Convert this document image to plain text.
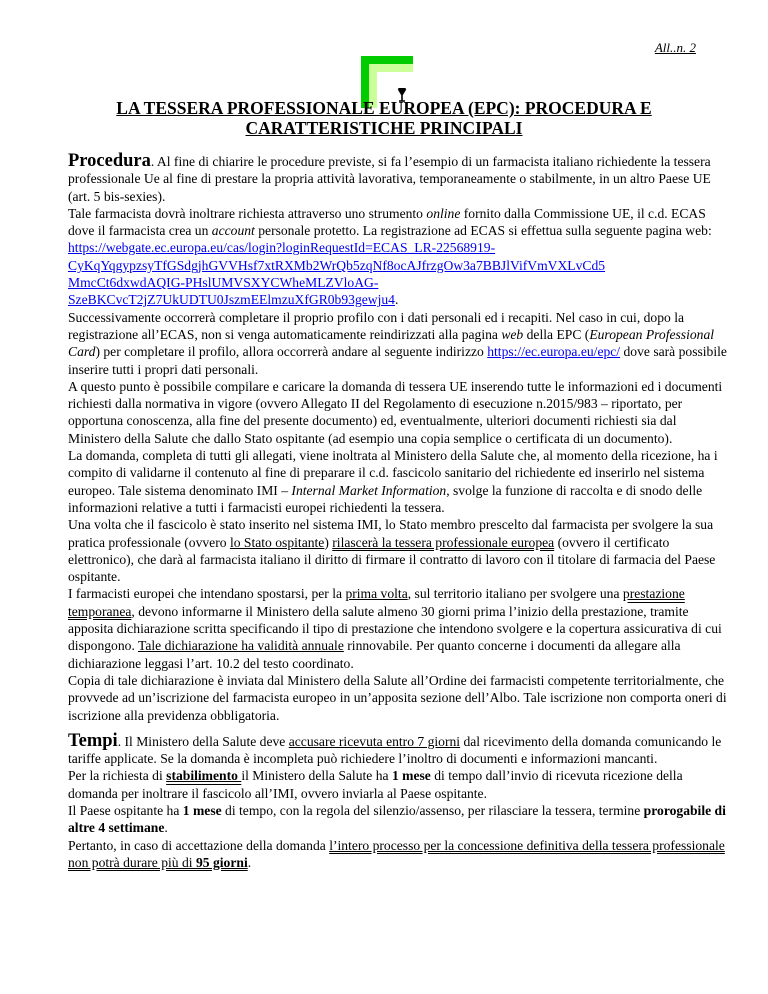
All..n. 2
LA TESSERA PROFESSIONALE EUROPEA (EPC): PROCEDURA E
CARATTERISTICHE PRINCIPALI

Procedura. Al fine di chiarire le procedure previste, si fa l’esempio di un farmacista italiano richiedente la tessera professionale Ue al fine di prestare la propria attività lavorativa, temporaneamente o stabilmente, in un altro Paese UE (art. 5 bis-sexies).

Tale farmacista dovrà inoltrare richiesta attraverso uno strumento online fornito dalla Commissione UE, il c.d. ECAS dove il farmacista crea un account personale protetto. La registrazione ad ECAS si effettua sulla seguente pagina web:
https://webgate.ec.europa.eu/cas/login?loginRequestId=ECAS_LR-22568919-
CyKqYqgypzsyTfGSdgjhGVVHsf7xtRXMb2WrQb5zqNf8ocAJfrzgOw3a7BBJlVifVmVXLvCd5
MmcCt6dxwdAQIG-PHslUMVSXYCWheMLZVloAG-
SzeBKCvcT2jZ7UkUDTU0JszmEElmzuXfGR0b93gewju4.

Successivamente occorrerà completare il proprio profilo con i dati personali ed i recapiti. Nel caso in cui, dopo la registrazione all’ECAS, non si venga automaticamente reindirizzati alla pagina web della EPC (European Professional Card) per completare il profilo, allora occorrerà andare al seguente indirizzo https://ec.europa.eu/epc/ dove sarà possibile inserire tutti i propri dati personali.

A questo punto è possibile compilare e caricare la domanda di tessera UE inserendo tutte le informazioni ed i documenti richiesti dalla normativa in vigore (ovvero Allegato II del Regolamento di esecuzione n.2015/983 – riportato, per opportuna conoscenza, alla fine del presente documento) ed, eventualmente, ulteriori documenti richiesti sia dal Ministero della Salute che dallo Stato ospitante (ad esempio una copia semplice o certificata di un documento).

La domanda, completa di tutti gli allegati, viene inoltrata al Ministero della Salute che, al momento della ricezione, ha i compito di validarne il contenuto al fine di preparare il c.d. fascicolo sanitario del richiedente ed inserirlo nel sistema europeo. Tale sistema denominato IMI – Internal Market Information, svolge la funzione di raccolta e di snodo delle informazioni relative a tutti i farmacisti europei richiedenti la tessera.

Una volta che il fascicolo è stato inserito nel sistema IMI, lo Stato membro prescelto dal farmacista per svolgere la sua pratica professionale (ovvero lo Stato ospitante) rilascerà la tessera professionale europea (ovvero il certificato elettronico), che darà al farmacista italiano il diritto di firmare il contratto di lavoro con il titolare di farmacia del Paese ospitante.

I farmacisti europei che intendano spostarsi, per la prima volta, sul territorio italiano per svolgere una prestazione temporanea, devono informarne il Ministero della salute almeno 30 giorni prima l’inizio della prestazione, tramite apposita dichiarazione scritta specificando il tipo di prestazione che intendono svolgere e la copertura assicurativa di cui dispongono. Tale dichiarazione ha validità annuale rinnovabile. Per quanto concerne i documenti da allegare alla dichiarazione leggasi l’art. 10.2 del testo coordinato.

Copia di tale dichiarazione è inviata dal Ministero della Salute all’Ordine dei farmacisti competente territorialmente, che provvede ad un’iscrizione del farmacista europeo in un’apposita sezione dell’Albo. Tale iscrizione non comporta oneri di iscrizione alla previdenza obbligatoria.

Tempi. Il Ministero della Salute deve accusare ricevuta entro 7 giorni dal ricevimento della domanda comunicando le tariffe applicate. Se la domanda è incompleta può richiedere l’inoltro di documenti e informazioni mancanti.

Per la richiesta di stabilimento il Ministero della Salute ha 1 mese di tempo dall’invio di ricevuta ricezione della domanda per inoltrare il fascicolo all’IMI, ovvero inviarla al Paese ospitante.

Il Paese ospitante ha 1 mese di tempo, con la regola del silenzio/assenso, per rilasciare la tessera, termine prorogabile di altre 4 settimane.

Pertanto, in caso di accettazione della domanda l’intero processo per la concessione definitiva della tessera professionale non potrà durare più di 95 giorni.
